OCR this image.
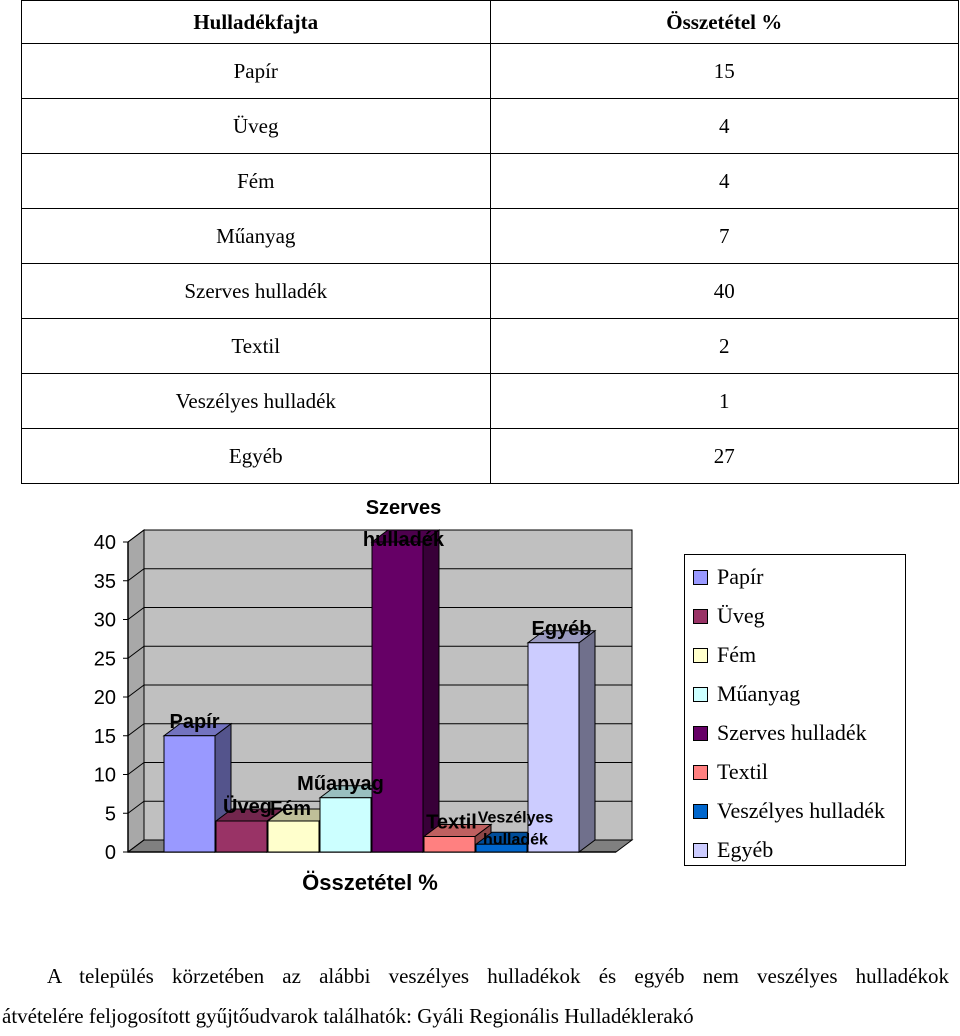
Hulladékfajta	Összetétel %
Papír	15
Üveg	4
Fém	4
Műanyag	7
Szerves hulladék	40
Textil	2
Veszélyes hulladék	1
Egyéb	27
0
5
10
15
20
25
30
35
40
Papír
Üveg
Fém
Műanyag
Szerves
hulladék
Textil Veszélyes
hulladék
Egyéb
Összetétel %
Papír
Üveg
Fém
Műanyag
Szerves hulladék
Textil
Veszélyes hulladék
Egyéb
A település körzetében az alábbi veszélyes hulladékok és egyéb nem veszélyes hulladékok
átvételére feljogosított gyűjtőudvarok találhatók: Gyáli Regionális Hulladéklerakó
